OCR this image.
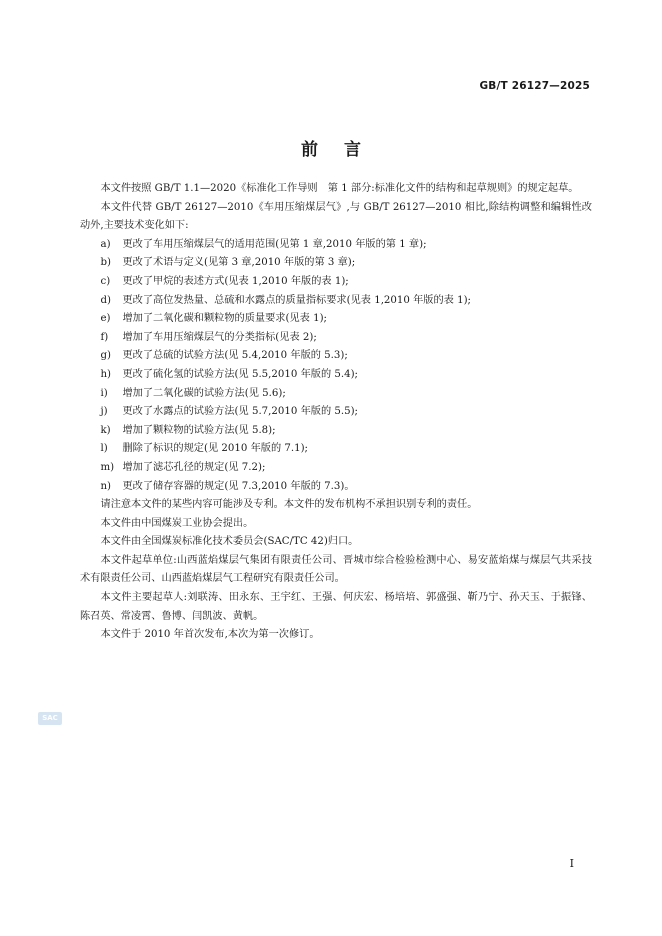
GB/T 26127—2025
前言

本文件按照 GB/T 1.1—2020《标准化工作导则　第 1 部分:标准化文件的结构和起草规则》的规定起草。

本文件代替 GB/T 26127—2010《车用压缩煤层气》,与 GB/T 26127—2010 相比,除结构调整和编辑性改动外,主要技术变化如下:

a)	更改了车用压缩煤层气的适用范围(见第 1 章,2010 年版的第 1 章);

b)	更改了术语与定义(见第 3 章,2010 年版的第 3 章);

c)	更改了甲烷的表述方式(见表 1,2010 年版的表 1);

d)	更改了高位发热量、总硫和水露点的质量指标要求(见表 1,2010 年版的表 1);

e)	增加了二氧化碳和颗粒物的质量要求(见表 1);

f)	增加了车用压缩煤层气的分类指标(见表 2);

g)	更改了总硫的试验方法(见 5.4,2010 年版的 5.3);

h)	更改了硫化氢的试验方法(见 5.5,2010 年版的 5.4);

i)	增加了二氧化碳的试验方法(见 5.6);

j)	更改了水露点的试验方法(见 5.7,2010 年版的 5.5);

k)	增加了颗粒物的试验方法(见 5.8);

l)	删除了标识的规定(见 2010 年版的 7.1);

m) 增加了滤芯孔径的规定(见 7.2);

n)	更改了储存容器的规定(见 7.3,2010 年版的 7.3)。

请注意本文件的某些内容可能涉及专利。本文件的发布机构不承担识别专利的责任。

本文件由中国煤炭工业协会提出。

本文件由全国煤炭标准化技术委员会(SAC/TC 42)归口。

本文件起草单位:山西蓝焰煤层气集团有限责任公司、晋城市综合检验检测中心、易安蓝焰煤与煤层气共采技术有限责任公司、山西蓝焰煤层气工程研究有限责任公司。

本文件主要起草人:刘联涛、田永东、王宇红、王强、何庆宏、杨培培、郭盛强、靳乃宁、孙天玉、于振锋、陈召英、常凌霄、鲁博、闫凯波、黄帆。

本文件于 2010 年首次发布,本次为第一次修订。

SAC
I
